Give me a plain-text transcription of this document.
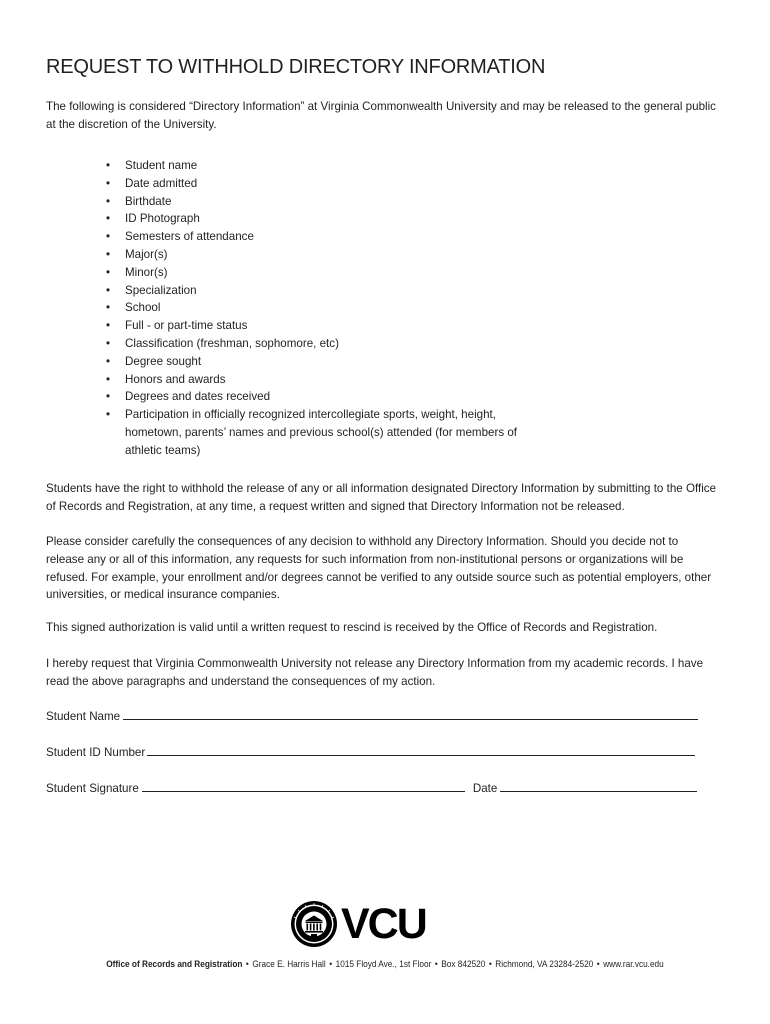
REQUEST TO WITHHOLD DIRECTORY INFORMATION

The following is considered “Directory Information” at Virginia Commonwealth University and may be released to the general public at the discretion of the University.

• Student name
• Date admitted
• Birthdate
• ID Photograph
• Semesters of attendance
• Major(s)
• Minor(s)
• Specialization
• School
• Full - or part-time status
• Classification (freshman, sophomore, etc)
• Degree sought
• Honors and awards
• Degrees and dates received
• Participation in officially recognized intercollegiate sports, weight, height, hometown, parents’ names and previous school(s) attended (for members of athletic teams)

Students have the right to withhold the release of any or all information designated Directory Information by submitting to the Office of Records and Registration, at any time, a request written and signed that Directory Information not be released.

Please consider carefully the consequences of any decision to withhold any Directory Information. Should you decide not to release any or all of this information, any requests for such information from non-institutional persons or organizations will be refused. For example, your enrollment and/or degrees cannot be verified to any outside source such as potential employers, other universities, or medical insurance companies.

This signed authorization is valid until a written request to rescind is received by the Office of Records and Registration.

I hereby request that Virginia Commonwealth University not release any Directory Information from my academic records. I have read the above paragraphs and understand the consequences of my action.

Student Name
Student ID Number
Student Signature	Date
VCU
Office of Records and Registration • Grace E. Harris Hall • 1015 Floyd Ave., 1st Floor • Box 842520 • Richmond, VA 23284-2520 • www.rar.vcu.edu
